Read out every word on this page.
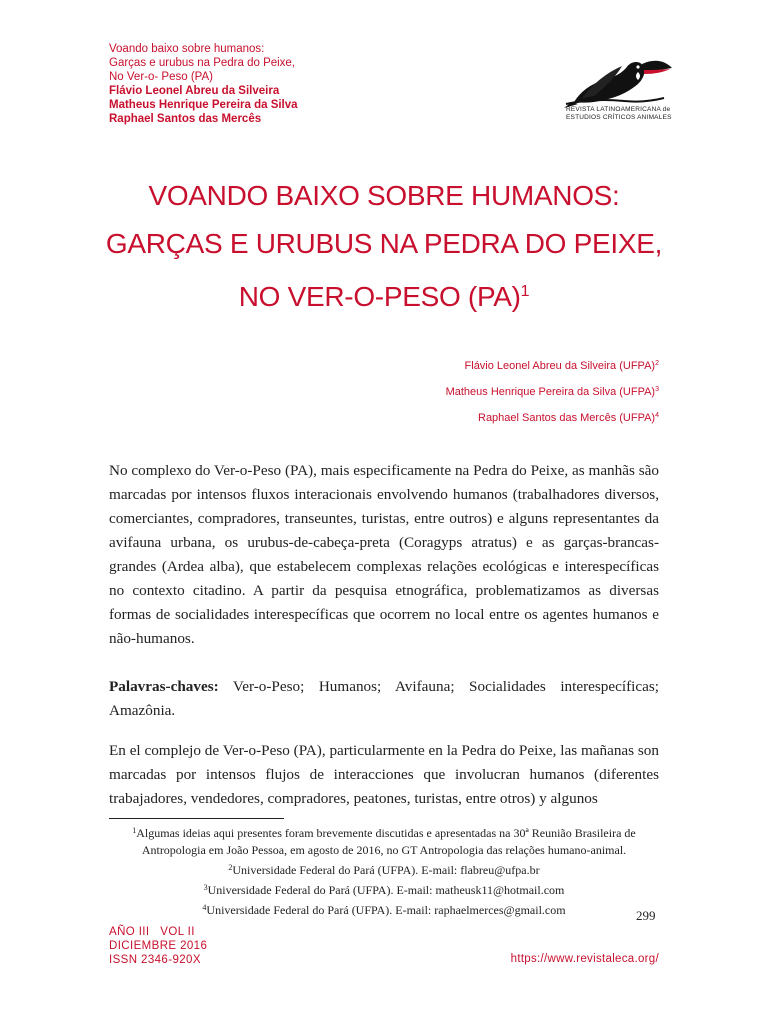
Voando baixo sobre humanos:
Garças e urubus na Pedra do Peixe,
No Ver-o- Peso (PA)
Flávio Leonel Abreu da Silveira
Matheus Henrique Pereira da Silva
Raphael Santos das Mercês
REVISTA LATINOAMERICANA de
ESTUDIOS CRÍTICOS ANIMALES
VOANDO BAIXO SOBRE HUMANOS:
GARÇAS E URUBUS NA PEDRA DO PEIXE,
NO VER-O-PESO (PA)$^1$
Flávio Leonel Abreu da Silveira (UFPA)$^2$
Matheus Henrique Pereira da Silva (UFPA)$^3$
Raphael Santos das Mercês (UFPA)$^4$
No complexo do Ver-o-Peso (PA), mais especificamente na Pedra do Peixe, as manhãs são marcadas por intensos fluxos interacionais envolvendo humanos (trabalhadores diversos, comerciantes, compradores, transeuntes, turistas, entre outros) e alguns representantes da avifauna urbana, os urubus-de-cabeça-preta (Coragyps atratus) e as garças-brancas-grandes (Ardea alba), que estabelecem complexas relações ecológicas e interespecíficas no contexto citadino. A partir da pesquisa etnográfica, problematizamos as diversas formas de socialidades interespecíficas que ocorrem no local entre os agentes humanos e não-humanos.
Palavras-chaves: Ver-o-Peso; Humanos; Avifauna; Socialidades interespecíficas; Amazônia.
En el complejo de Ver-o-Peso (PA), particularmente en la Pedra do Peixe, las mañanas son marcadas por intensos flujos de interacciones que involucran humanos (diferentes trabajadores, vendedores, compradores, peatones, turistas, entre otros) y algunos
$^1$Algumas ideias aqui presentes foram brevemente discutidas e apresentadas na 30ª Reunião Brasileira de Antropologia em João Pessoa, em agosto de 2016, no GT Antropologia das relações humano-animal.
$^2$Universidade Federal do Pará (UFPA). E-mail: flabreu@ufpa.br
$^3$Universidade Federal do Pará (UFPA). E-mail: matheusk11@hotmail.com
$^4$Universidade Federal do Pará (UFPA). E-mail: raphaelmerces@gmail.com	299
AÑO III   VOL II
DICIEMBRE 2016
ISSN 2346-920X	https://www.revistaleca.org/
